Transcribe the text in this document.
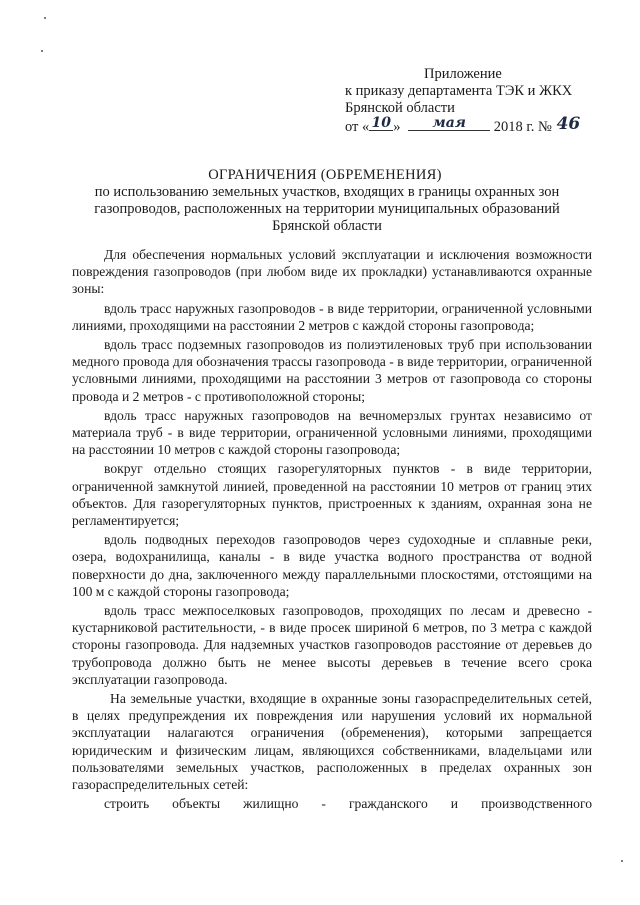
Приложение
к приказу департамента ТЭК и ЖКХ
Брянской области
от « 10 »	мая	2018 г. № 46
ОГРАНИЧЕНИЯ (ОБРЕМЕНЕНИЯ)
по использованию земельных участков, входящих в границы охранных зон газопроводов, расположенных на территории муниципальных образований Брянской области

Для обеспечения нормальных условий эксплуатации и исключения возможности повреждения газопроводов (при любом виде их прокладки) устанавливаются охранные зоны:

вдоль трасс наружных газопроводов - в виде территории, ограниченной условными линиями, проходящими на расстоянии 2 метров с каждой стороны газопровода;

вдоль трасс подземных газопроводов из полиэтиленовых труб при использовании медного провода для обозначения трассы газопровода - в виде территории, ограниченной условными линиями, проходящими на расстоянии 3 метров от газопровода со стороны провода и 2 метров - с противоположной стороны;

вдоль трасс наружных газопроводов на вечномерзлых грунтах независимо от материала труб - в виде территории, ограниченной условными линиями, проходящими на расстоянии 10 метров с каждой стороны газопровода;

вокруг отдельно стоящих газорегуляторных пунктов - в виде территории, ограниченной замкнутой линией, проведенной на расстоянии 10 метров от границ этих объектов. Для газорегуляторных пунктов, пристроенных к зданиям, охранная зона не регламентируется;

вдоль подводных переходов газопроводов через судоходные и сплавные реки, озера, водохранилища, каналы - в виде участка водного пространства от водной поверхности до дна, заключенного между параллельными плоскостями, отстоящими на 100 м с каждой стороны газопровода;

вдоль трасс межпоселковых газопроводов, проходящих по лесам и древесно - кустарниковой растительности, - в виде просек шириной 6 метров, по 3 метра с каждой стороны газопровода. Для надземных участков газопроводов расстояние от деревьев до трубопровода должно быть не менее высоты деревьев в течение всего срока эксплуатации газопровода.

На земельные участки, входящие в охранные зоны газораспределительных сетей, в целях предупреждения их повреждения или нарушения условий их нормальной эксплуатации налагаются ограничения (обременения), которыми запрещается юридическим и физическим лицам, являющихся собственниками, владельцами или пользователями земельных участков, расположенных в пределах охранных зон газораспределительных сетей:

строить объекты жилищно - гражданского и производственного
